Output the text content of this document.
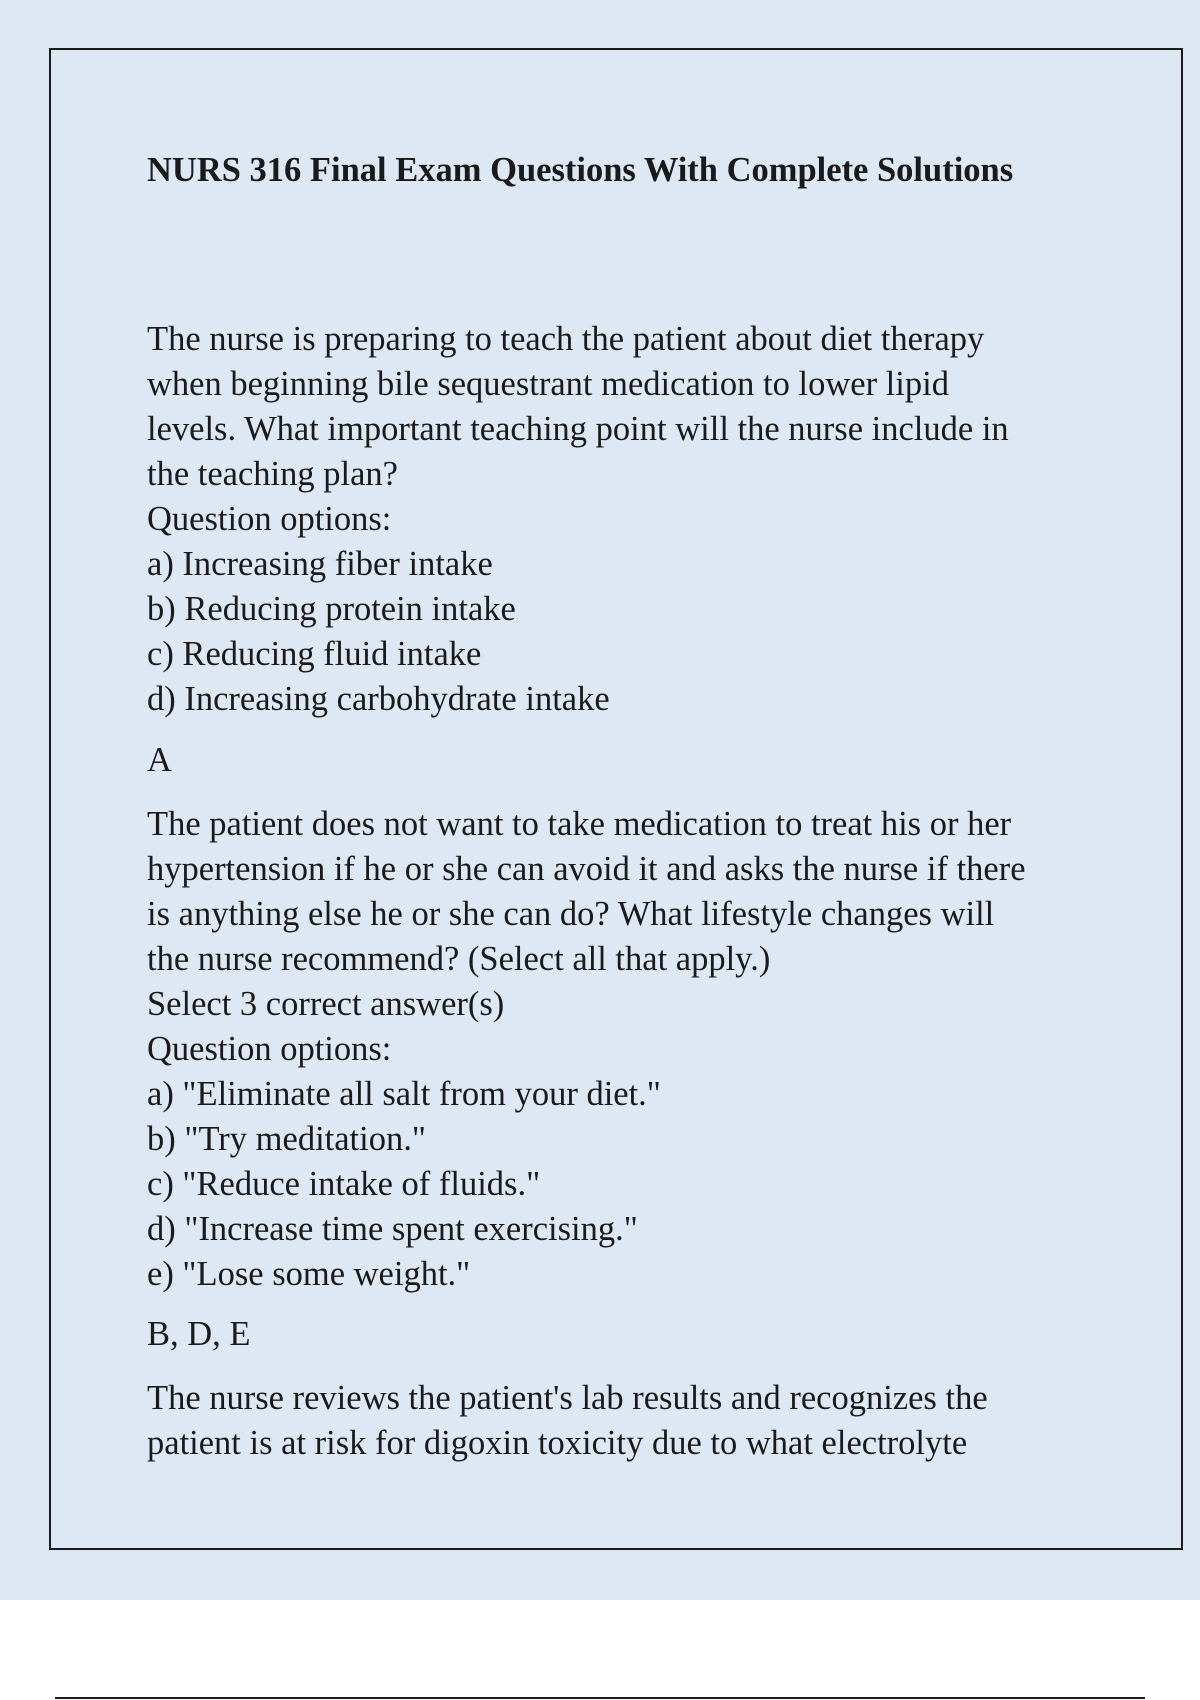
NURS 316 Final Exam Questions With Complete Solutions
The nurse is preparing to teach the patient about diet therapy
when beginning bile sequestrant medication to lower lipid
levels. What important teaching point will the nurse include in
the teaching plan?
Question options:
a) Increasing fiber intake
b) Reducing protein intake
c) Reducing fluid intake
d) Increasing carbohydrate intake
A
The patient does not want to take medication to treat his or her
hypertension if he or she can avoid it and asks the nurse if there
is anything else he or she can do? What lifestyle changes will
the nurse recommend? (Select all that apply.)
Select 3 correct answer(s)
Question options:
a) "Eliminate all salt from your diet."
b) "Try meditation."
c) "Reduce intake of fluids."
d) "Increase time spent exercising."
e) "Lose some weight."
B, D, E
The nurse reviews the patient's lab results and recognizes the
patient is at risk for digoxin toxicity due to what electrolyte
